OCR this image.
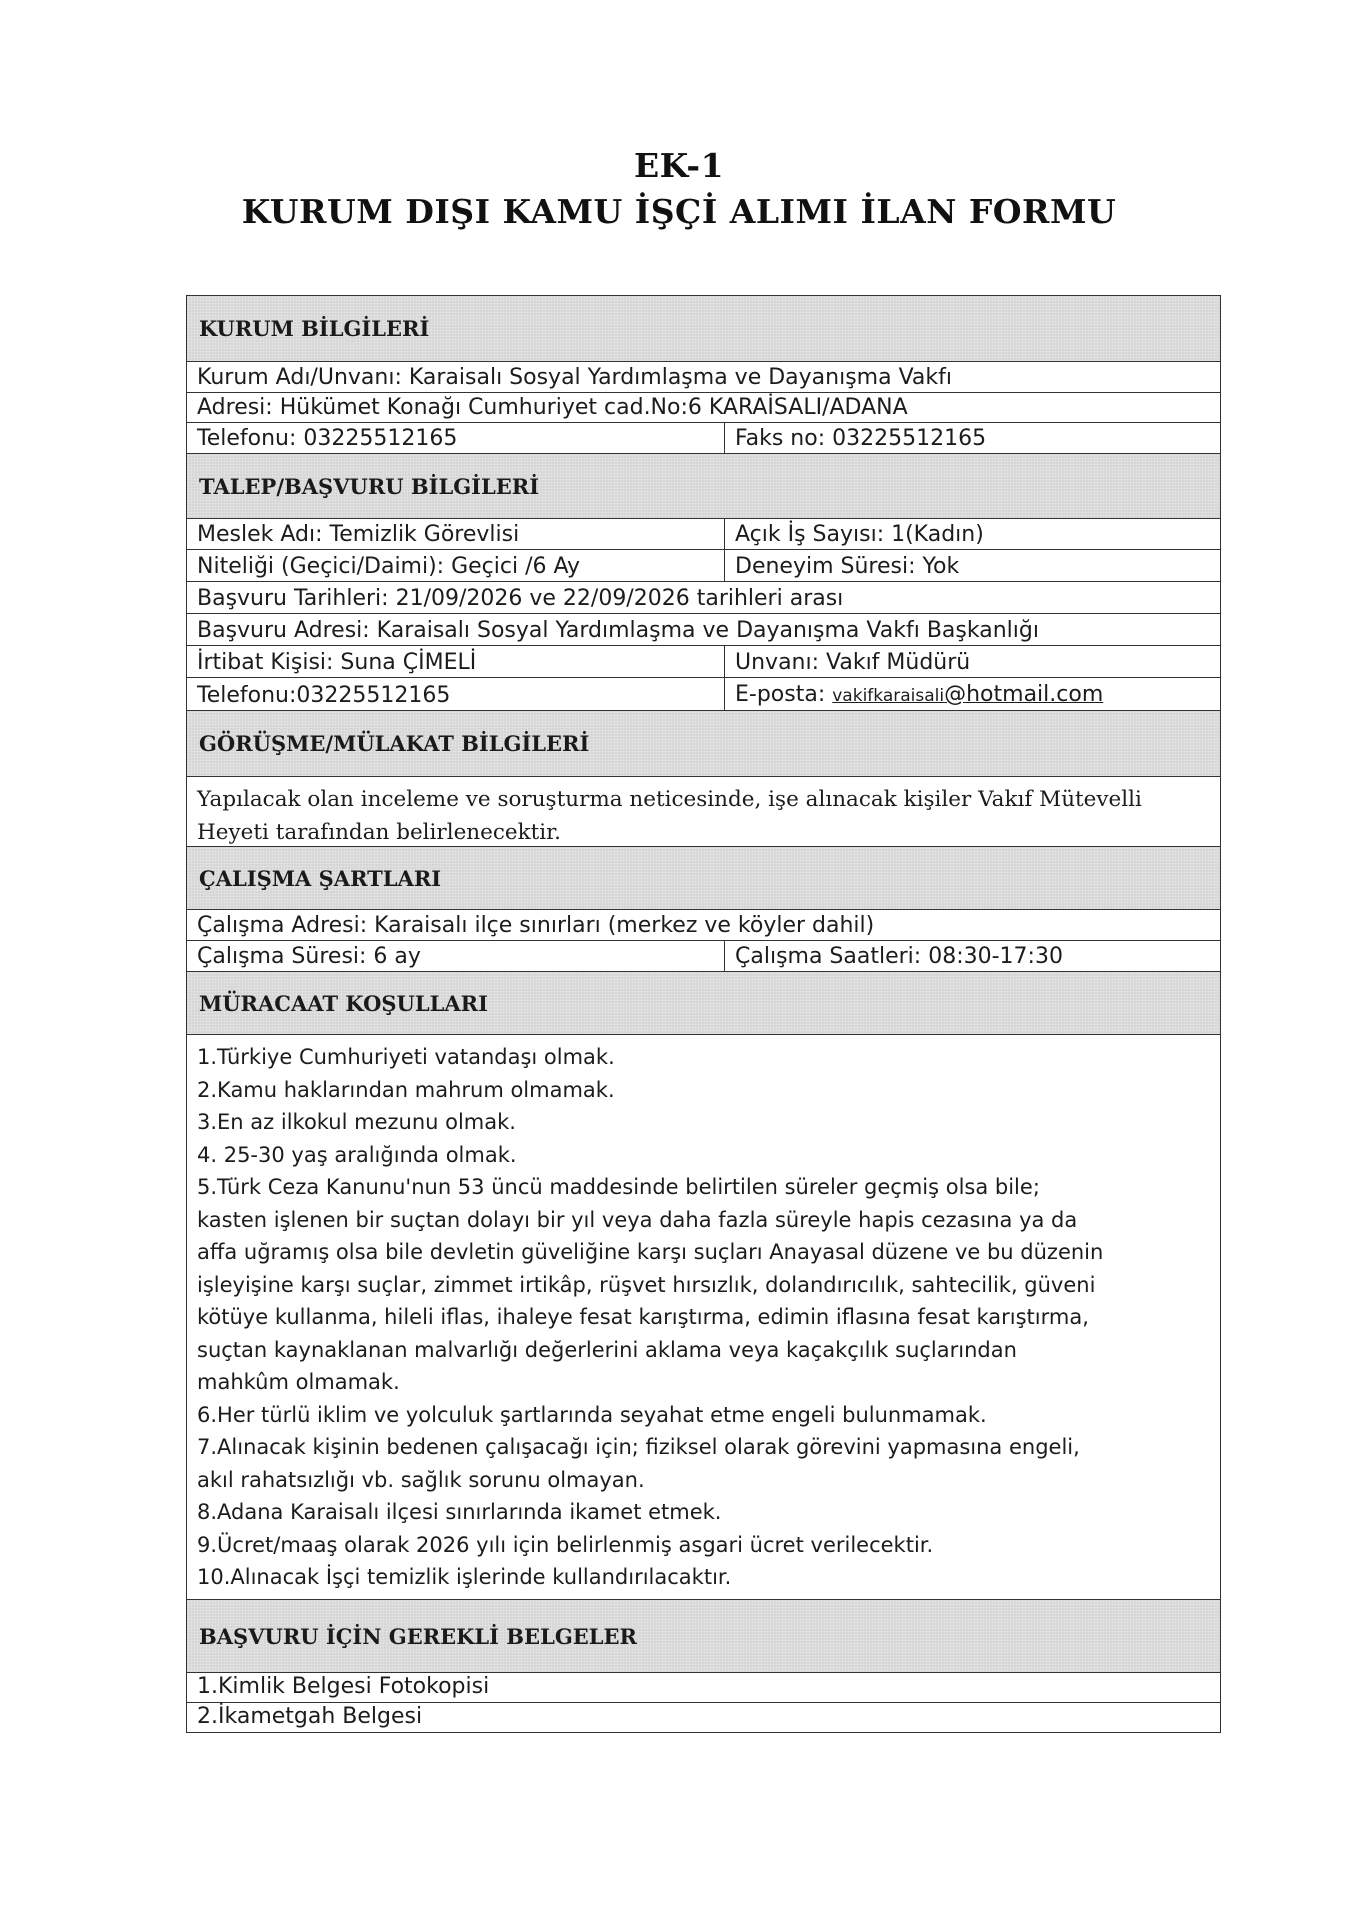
EK-1
KURUM DIŞI KAMU İŞÇİ ALIMI İLAN FORMU
KURUM BİLGİLERİ
Kurum Adı/Unvanı: Karaisalı Sosyal Yardımlaşma ve Dayanışma Vakfı
Adresi: Hükümet Konağı Cumhuriyet cad.No:6 KARAİSALI/ADANA
Telefonu: 03225512165	Faks no: 03225512165
TALEP/BAŞVURU BİLGİLERİ
Meslek Adı: Temizlik Görevlisi	Açık İş Sayısı: 1(Kadın)
Niteliği (Geçici/Daimi): Geçici /6 Ay	Deneyim Süresi: Yok
Başvuru Tarihleri: 21/09/2026 ve 22/09/2026 tarihleri arası
Başvuru Adresi: Karaisalı Sosyal Yardımlaşma ve Dayanışma Vakfı Başkanlığı
İrtibat Kişisi: Suna ÇİMELİ	Unvanı: Vakıf Müdürü
Telefonu:03225512165	E-posta: vakifkaraisali@hotmail.com
GÖRÜŞME/MÜLAKAT BİLGİLERİ
Yapılacak olan inceleme ve soruşturma neticesinde, işe alınacak kişiler Vakıf Mütevelli
Heyeti tarafından belirlenecektir.
ÇALIŞMA ŞARTLARI
Çalışma Adresi: Karaisalı ilçe sınırları (merkez ve köyler dahil)
Çalışma Süresi: 6 ay	Çalışma Saatleri: 08:30-17:30
MÜRACAAT KOŞULLARI
1.Türkiye Cumhuriyeti vatandaşı olmak.
2.Kamu haklarından mahrum olmamak.
3.En az ilkokul mezunu olmak.
4. 25-30 yaş aralığında olmak.
5.Türk Ceza Kanunu'nun 53 üncü maddesinde belirtilen süreler geçmiş olsa bile;
kasten işlenen bir suçtan dolayı bir yıl veya daha fazla süreyle hapis cezasına ya da
affa uğramış olsa bile devletin güveliğine karşı suçları Anayasal düzene ve bu düzenin
işleyişine karşı suçlar, zimmet irtikâp, rüşvet hırsızlık, dolandırıcılık, sahtecilik, güveni
kötüye kullanma, hileli iflas, ihaleye fesat karıştırma, edimin iflasına fesat karıştırma,
suçtan kaynaklanan malvarlığı değerlerini aklama veya kaçakçılık suçlarından
mahkûm olmamak.
6.Her türlü iklim ve yolculuk şartlarında seyahat etme engeli bulunmamak.
7.Alınacak kişinin bedenen çalışacağı için; fiziksel olarak görevini yapmasına engeli,
akıl rahatsızlığı vb. sağlık sorunu olmayan.
8.Adana Karaisalı ilçesi sınırlarında ikamet etmek.
9.Ücret/maaş olarak 2026 yılı için belirlenmiş asgari ücret verilecektir.
10.Alınacak İşçi temizlik işlerinde kullandırılacaktır.
BAŞVURU İÇİN GEREKLİ BELGELER
1.Kimlik Belgesi Fotokopisi
2.İkametgah Belgesi
